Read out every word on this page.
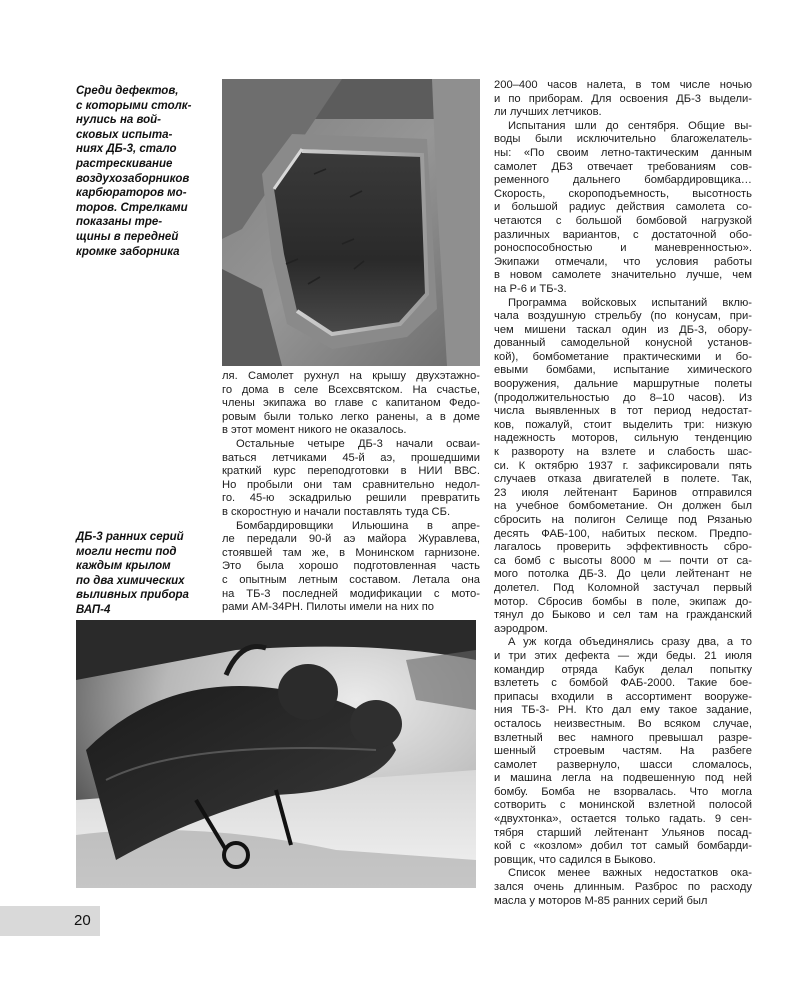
Среди дефектов,

с которыми столк-

нулись на вой-

сковых испыта-

ниях ДБ-3, стало

растрескивание

воздухозаборников

карбюраторов мо-

торов. Стрелками

показаны тре-

щины в передней

кромке заборника

ля. Самолет рухнул на крышу двухэтажно-
го дома в селе Всехсвятском. На счастье,
члены экипажа во главе с капитаном Федо-
ровым были только легко ранены, а в доме
в этот момент никого не оказалось.

Остальные четыре ДБ-3 начали осваи-
ваться летчиками 45-й аэ, прошедшими
краткий курс переподготовки в НИИ ВВС.
Но пробыли они там сравнительно недол-
го. 45-ю эскадрилью решили превратить
в скоростную и начали поставлять туда СБ.

Бомбардировщики Ильюшина в апре-
ле передали 90-й аэ майора Журавлева,
стоявшей там же, в Монинском гарнизоне.
Это была хорошо подготовленная часть
с опытным летным составом. Летала она
на ТБ-3 последней модификации с мото-
рами АМ-34РН. Пилоты имели на них по

ДБ-3 ранних серий

могли нести под

каждым крылом

по два химических

выливных прибора

ВАП-4

200–400 часов налета, в том числе ночью
и по приборам. Для освоения ДБ-3 выдели-
ли лучших летчиков.

Испытания шли до сентября. Общие вы-
воды были исключительно благожелатель-
ны: «По своим летно-тактическим данным
самолет ДБ3 отвечает требованиям сов-
ременного дальнего бомбардировщика…
Скорость, скороподъемность, высотность
и большой радиус действия самолета со-
четаются с большой бомбовой нагрузкой
различных вариантов, с достаточной обо-
роноспособностью и маневренностью».
Экипажи отмечали, что условия работы
в новом самолете значительно лучше, чем
на Р-6 и ТБ-3.

Программа войсковых испытаний вклю-
чала воздушную стрельбу (по конусам, при-
чем мишени таскал один из ДБ-3, обору-
дованный самодельной конусной установ-
кой), бомбометание практическими и бо-
евыми бомбами, испытание химического
вооружения, дальние маршрутные полеты
(продолжительностью до 8–10 часов). Из
числа выявленных в тот период недостат-
ков, пожалуй, стоит выделить три: низкую
надежность моторов, сильную тенденцию
к развороту на взлете и слабость шас-
си. К октябрю 1937 г. зафиксировали пять
случаев отказа двигателей в полете. Так,
23 июля лейтенант Баринов отправился
на учебное бомбометание. Он должен был
сбросить на полигон Селище под Рязанью
десять ФАБ-100, набитых песком. Предпо-
лагалось проверить эффективность сбро-
са бомб с высоты 8000 м — почти от са-
мого потолка ДБ-3. До цели лейтенант не
долетел. Под Коломной застучал первый
мотор. Сбросив бомбы в поле, экипаж до-
тянул до Быково и сел там на гражданский
аэродром.

А уж когда объединялись сразу два, а то
и три этих дефекта — жди беды. 21 июля
командир отряда Кабук делал попытку
взлететь с бомбой ФАБ-2000. Такие бое-
припасы входили в ассортимент вооруже-
ния ТБ-3- РН. Кто дал ему такое задание,
осталось неизвестным. Во всяком случае,
взлетный вес намного превышал разре-
шенный строевым частям. На разбеге
самолет развернуло, шасси сломалось,
и машина легла на подвешенную под ней
бомбу. Бомба не взорвалась. Что могла
сотворить с монинской взлетной полосой
«двухтонка», остается только гадать. 9 сен-
тября старший лейтенант Ульянов посад-
кой с «козлом» добил тот самый бомбарди-
ровщик, что садился в Быково.

Список менее важных недостатков ока-
зался очень длинным. Разброс по расходу
масла у моторов М-85 ранних серий был

20
